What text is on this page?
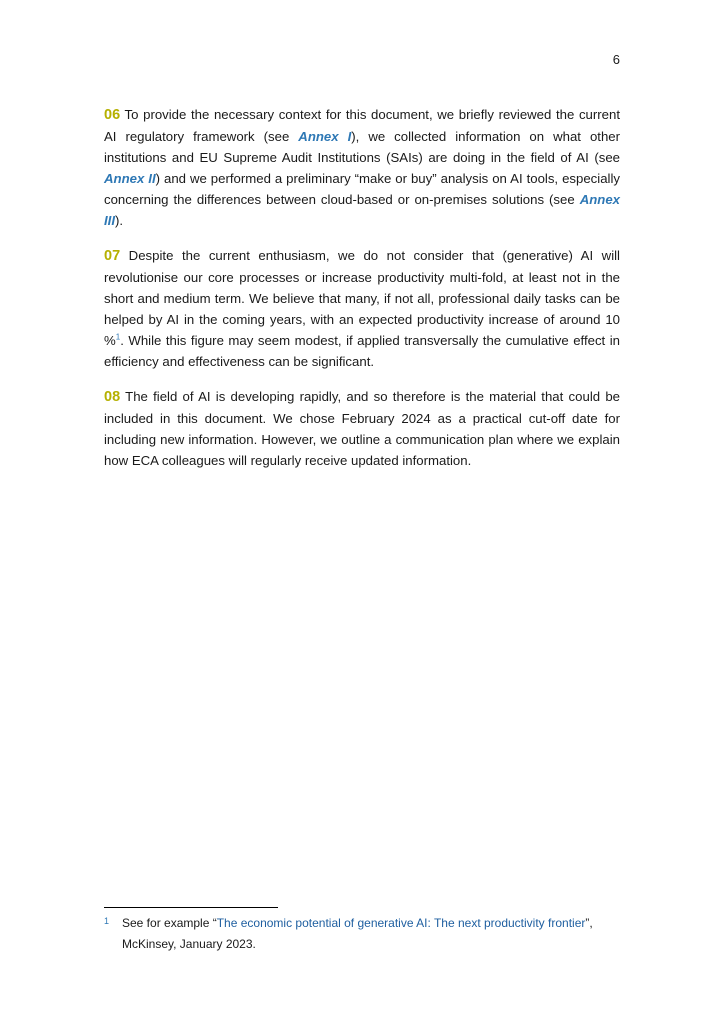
6

06 To provide the necessary context for this document, we briefly reviewed the current AI regulatory framework (see Annex I), we collected information on what other institutions and EU Supreme Audit Institutions (SAIs) are doing in the field of AI (see Annex II) and we performed a preliminary “make or buy” analysis on AI tools, especially concerning the differences between cloud-based or on-premises solutions (see Annex III).

07 Despite the current enthusiasm, we do not consider that (generative) AI will revolutionise our core processes or increase productivity multi-fold, at least not in the short and medium term. We believe that many, if not all, professional daily tasks can be helped by AI in the coming years, with an expected productivity increase of around 10 %$^1$. While this figure may seem modest, if applied transversally the cumulative effect in efficiency and effectiveness can be significant.

08 The field of AI is developing rapidly, and so therefore is the material that could be included in this document. We chose February 2024 as a practical cut-off date for including new information. However, we outline a communication plan where we explain how ECA colleagues will regularly receive updated information.

1	See for example “The economic potential of generative AI: The next productivity frontier”, McKinsey, January 2023.
